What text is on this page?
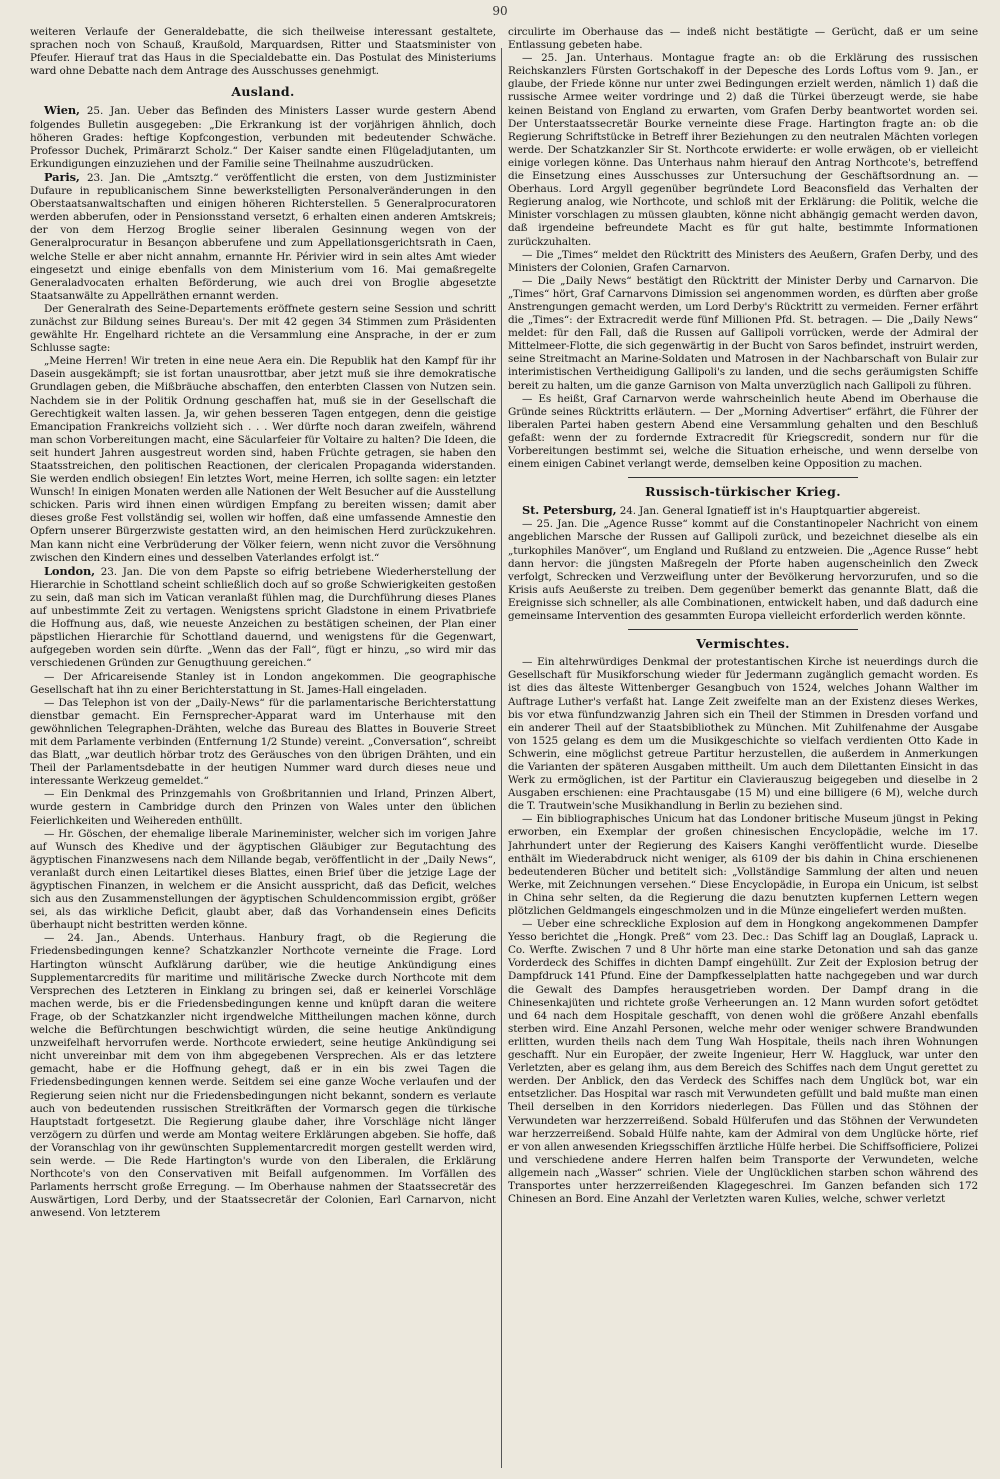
90

weiteren Verlaufe der Generaldebatte, die sich theilweise interessant gestaltete, sprachen noch von Schauß, Kraußold, Marquardsen, Ritter und Staatsminister von Pfeufer. Hierauf trat das Haus in die Specialdebatte ein. Das Postulat des Ministeriums ward ohne Debatte nach dem Antrage des Ausschusses genehmigt.

Ausland.

Wien, 25. Jan. Ueber das Befinden des Ministers Lasser wurde gestern Abend folgendes Bulletin ausgegeben: „Die Erkrankung ist der vorjährigen ähnlich, doch höheren Grades: heftige Kopfcongestion, verbunden mit bedeutender Schwäche. Professor Duchek, Primärarzt Scholz.“ Der Kaiser sandte einen Flügeladjutanten, um Erkundigungen einzuziehen und der Familie seine Theilnahme auszudrücken.

Paris, 23. Jan. Die „Amtsztg.“ veröffentlicht die ersten, von dem Justizminister Dufaure in republicanischem Sinne bewerkstelligten Personalveränderungen in den Oberstaatsanwaltschaften und einigen höheren Richterstellen. 5 Generalprocuratoren werden abberufen, oder in Pensionsstand versetzt, 6 erhalten einen anderen Amtskreis; der von dem Herzog Broglie seiner liberalen Gesinnung wegen von der Generalprocuratur in Besançon abberufene und zum Appellationsgerichtsrath in Caen, welche Stelle er aber nicht annahm, ernannte Hr. Périvier wird in sein altes Amt wieder eingesetzt und einige ebenfalls von dem Ministerium vom 16. Mai gemaßregelte Generaladvocaten erhalten Beförderung, wie auch drei von Broglie abgesetzte Staatsanwälte zu Appellräthen ernannt werden.

Der Generalrath des Seine-Departements eröffnete gestern seine Session und schritt zunächst zur Bildung seines Bureau's. Der mit 42 gegen 34 Stimmen zum Präsidenten gewählte Hr. Engelhard richtete an die Versammlung eine Ansprache, in der er zum Schlusse sagte:

„Meine Herren! Wir treten in eine neue Aera ein. Die Republik hat den Kampf für ihr Dasein ausgekämpft; sie ist fortan unausrottbar, aber jetzt muß sie ihre demokratische Grundlagen geben, die Mißbräuche abschaffen, den enterbten Classen von Nutzen sein. Nachdem sie in der Politik Ordnung geschaffen hat, muß sie in der Gesellschaft die Gerechtigkeit walten lassen. Ja, wir gehen besseren Tagen entgegen, denn die geistige Emancipation Frankreichs vollzieht sich . . . Wer dürfte noch daran zweifeln, während man schon Vorbereitungen macht, eine Säcularfeier für Voltaire zu halten? Die Ideen, die seit hundert Jahren ausgestreut worden sind, haben Früchte getragen, sie haben den Staatsstreichen, den politischen Reactionen, der clericalen Propaganda widerstanden. Sie werden endlich obsiegen! Ein letztes Wort, meine Herren, ich sollte sagen: ein letzter Wunsch! In einigen Monaten werden alle Nationen der Welt Besucher auf die Ausstellung schicken. Paris wird ihnen einen würdigen Empfang zu bereiten wissen; damit aber dieses große Fest vollständig sei, wollen wir hoffen, daß eine umfassende Amnestie den Opfern unserer Bürgerzwiste gestatten wird, an den heimischen Herd zurückzukehren. Man kann nicht eine Verbrüderung der Völker feiern, wenn nicht zuvor die Versöhnung zwischen den Kindern eines und desselben Vaterlandes erfolgt ist.“

London, 23. Jan. Die von dem Papste so eifrig betriebene Wiederherstellung der Hierarchie in Schottland scheint schließlich doch auf so große Schwierigkeiten gestoßen zu sein, daß man sich im Vatican veranlaßt fühlen mag, die Durchführung dieses Planes auf unbestimmte Zeit zu vertagen. Wenigstens spricht Gladstone in einem Privatbriefe die Hoffnung aus, daß, wie neueste Anzeichen zu bestätigen scheinen, der Plan einer päpstlichen Hierarchie für Schottland dauernd, und wenigstens für die Gegenwart, aufgegeben worden sein dürfte. „Wenn das der Fall“, fügt er hinzu, „so wird mir das verschiedenen Gründen zur Genugthuung gereichen.“

— Der Africareisende Stanley ist in London angekommen. Die geographische Gesellschaft hat ihn zu einer Berichterstattung in St. James-Hall eingeladen.

— Das Telephon ist von der „Daily-News“ für die parlamentarische Berichterstattung dienstbar gemacht. Ein Fernsprecher-Apparat ward im Unterhause mit den gewöhnlichen Telegraphen-Drähten, welche das Bureau des Blattes in Bouverie Street mit dem Parlamente verbinden (Entfernung 1/2 Stunde) vereint. „Conversation“, schreibt das Blatt, „war deutlich hörbar trotz des Geräusches von den übrigen Drähten, und ein Theil der Parlamentsdebatte in der heutigen Nummer ward durch dieses neue und interessante Werkzeug gemeldet.“

— Ein Denkmal des Prinzgemahls von Großbritannien und Irland, Prinzen Albert, wurde gestern in Cambridge durch den Prinzen von Wales unter den üblichen Feierlichkeiten und Weihereden enthüllt.

— Hr. Göschen, der ehemalige liberale Marineminister, welcher sich im vorigen Jahre auf Wunsch des Khedive und der ägyptischen Gläubiger zur Begutachtung des ägyptischen Finanzwesens nach dem Nillande begab, veröffentlicht in der „Daily News“, veranlaßt durch einen Leitartikel dieses Blattes, einen Brief über die jetzige Lage der ägyptischen Finanzen, in welchem er die Ansicht ausspricht, daß das Deficit, welches sich aus den Zusammenstellungen der ägyptischen Schuldencommission ergibt, größer sei, als das wirkliche Deficit, glaubt aber, daß das Vorhandensein eines Deficits überhaupt nicht bestritten werden könne.

— 24. Jan., Abends. Unterhaus. Hanbury fragt, ob die Regierung die Friedensbedingungen kenne? Schatzkanzler Northcote verneinte die Frage. Lord Hartington wünscht Aufklärung darüber, wie die heutige Ankündigung eines Supplementarcredits für maritime und militärische Zwecke durch Northcote mit dem Versprechen des Letzteren in Einklang zu bringen sei, daß er keinerlei Vorschläge machen werde, bis er die Friedensbedingungen kenne und knüpft daran die weitere Frage, ob der Schatzkanzler nicht irgendwelche Mittheilungen machen könne, durch welche die Befürchtungen beschwichtigt würden, die seine heutige Ankündigung unzweifelhaft hervorrufen werde. Northcote erwiedert, seine heutige Ankündigung sei nicht unvereinbar mit dem von ihm abgegebenen Versprechen. Als er das letztere gemacht, habe er die Hoffnung gehegt, daß er in ein bis zwei Tagen die Friedensbedingungen kennen werde. Seitdem sei eine ganze Woche verlaufen und der Regierung seien nicht nur die Friedensbedingungen nicht bekannt, sondern es verlaute auch von bedeutenden russischen Streitkräften der Vormarsch gegen die türkische Hauptstadt fortgesetzt. Die Regierung glaube daher, ihre Vorschläge nicht länger verzögern zu dürfen und werde am Montag weitere Erklärungen abgeben. Sie hoffe, daß der Voranschlag von ihr gewünschten Supplementarcredit morgen gestellt werden wird, sein werde. — Die Rede Hartington's wurde von den Liberalen, die Erklärung Northcote's von den Conservativen mit Beifall aufgenommen. Im Vorfällen des Parlaments herrscht große Erregung. — Im Oberhause nahmen der Staatssecretär des Auswärtigen, Lord Derby, und der Staatssecretär der Colonien, Earl Carnarvon, nicht anwesend. Von letzterem

circulirte im Oberhause das — indeß nicht bestätigte — Gerücht, daß er um seine Entlassung gebeten habe.

— 25. Jan. Unterhaus. Montague fragte an: ob die Erklärung des russischen Reichskanzlers Fürsten Gortschakoff in der Depesche des Lords Loftus vom 9. Jan., er glaube, der Friede könne nur unter zwei Bedingungen erzielt werden, nämlich 1) daß die russische Armee weiter vordringe und 2) daß die Türkei überzeugt werde, sie habe keinen Beistand von England zu erwarten, vom Grafen Derby beantwortet worden sei. Der Unterstaatssecretär Bourke verneinte diese Frage. Hartington fragte an: ob die Regierung Schriftstücke in Betreff ihrer Beziehungen zu den neutralen Mächten vorlegen werde. Der Schatzkanzler Sir St. Northcote erwiderte: er wolle erwägen, ob er vielleicht einige vorlegen könne. Das Unterhaus nahm hierauf den Antrag Northcote's, betreffend die Einsetzung eines Ausschusses zur Untersuchung der Geschäftsordnung an. — Oberhaus. Lord Argyll gegenüber begründete Lord Beaconsfield das Verhalten der Regierung analog, wie Northcote, und schloß mit der Erklärung: die Politik, welche die Minister vorschlagen zu müssen glaubten, könne nicht abhängig gemacht werden davon, daß irgendeine befreundete Macht es für gut halte, bestimmte Informationen zurückzuhalten.

— Die „Times“ meldet den Rücktritt des Ministers des Aeußern, Grafen Derby, und des Ministers der Colonien, Grafen Carnarvon.

— Die „Daily News“ bestätigt den Rücktritt der Minister Derby und Carnarvon. Die „Times“ hört, Graf Carnarvons Dimission sei angenommen worden, es dürften aber große Anstrengungen gemacht werden, um Lord Derby's Rücktritt zu vermeiden. Ferner erfährt die „Times“: der Extracredit werde fünf Millionen Pfd. St. betragen. — Die „Daily News“ meldet: für den Fall, daß die Russen auf Gallipoli vorrücken, werde der Admiral der Mittelmeer-Flotte, die sich gegenwärtig in der Bucht von Saros befindet, instruirt werden, seine Streitmacht an Marine-Soldaten und Matrosen in der Nachbarschaft von Bulair zur interimistischen Vertheidigung Gallipoli's zu landen, und die sechs geräumigsten Schiffe bereit zu halten, um die ganze Garnison von Malta unverzüglich nach Gallipoli zu führen.

— Es heißt, Graf Carnarvon werde wahrscheinlich heute Abend im Oberhause die Gründe seines Rücktritts erläutern. — Der „Morning Advertiser“ erfährt, die Führer der liberalen Partei haben gestern Abend eine Versammlung gehalten und den Beschluß gefaßt: wenn der zu fordernde Extracredit für Kriegscredit, sondern nur für die Vorbereitungen bestimmt sei, welche die Situation erheische, und wenn derselbe von einem einigen Cabinet verlangt werde, demselben keine Opposition zu machen.

Russisch-türkischer Krieg.

St. Petersburg, 24. Jan. General Ignatieff ist in's Hauptquartier abgereist.

— 25. Jan. Die „Agence Russe“ kommt auf die Constantinopeler Nachricht von einem angeblichen Marsche der Russen auf Gallipoli zurück, und bezeichnet dieselbe als ein „turkophiles Manöver“, um England und Rußland zu entzweien. Die „Agence Russe“ hebt dann hervor: die jüngsten Maßregeln der Pforte haben augenscheinlich den Zweck verfolgt, Schrecken und Verzweiflung unter der Bevölkerung hervorzurufen, und so die Krisis aufs Aeußerste zu treiben. Dem gegenüber bemerkt das genannte Blatt, daß die Ereignisse sich schneller, als alle Combinationen, entwickelt haben, und daß dadurch eine gemeinsame Intervention des gesammten Europa vielleicht erforderlich werden könnte.

Vermischtes.

— Ein altehrwürdiges Denkmal der protestantischen Kirche ist neuerdings durch die Gesellschaft für Musikforschung wieder für Jedermann zugänglich gemacht worden. Es ist dies das älteste Wittenberger Gesangbuch von 1524, welches Johann Walther im Auftrage Luther's verfaßt hat. Lange Zeit zweifelte man an der Existenz dieses Werkes, bis vor etwa fünfundzwanzig Jahren sich ein Theil der Stimmen in Dresden vorfand und ein anderer Theil auf der Staatsbibliothek zu München. Mit Zuhilfenahme der Ausgabe von 1525 gelang es dem um die Musikgeschichte so vielfach verdienten Otto Kade in Schwerin, eine möglichst getreue Partitur herzustellen, die außerdem in Anmerkungen die Varianten der späteren Ausgaben mittheilt. Um auch dem Dilettanten Einsicht in das Werk zu ermöglichen, ist der Partitur ein Clavierauszug beigegeben und dieselbe in 2 Ausgaben erschienen: eine Prachtausgabe (15 M) und eine billigere (6 M), welche durch die T. Trautwein'sche Musikhandlung in Berlin zu beziehen sind.

— Ein bibliographisches Unicum hat das Londoner britische Museum jüngst in Peking erworben, ein Exemplar der großen chinesischen Encyclopädie, welche im 17. Jahrhundert unter der Regierung des Kaisers Kanghi veröffentlicht wurde. Dieselbe enthält im Wiederabdruck nicht weniger, als 6109 der bis dahin in China erschienenen bedeutenderen Bücher und betitelt sich: „Vollständige Sammlung der alten und neuen Werke, mit Zeichnungen versehen.“ Diese Encyclopädie, in Europa ein Unicum, ist selbst in China sehr selten, da die Regierung die dazu benutzten kupfernen Lettern wegen plötzlichen Geldmangels eingeschmolzen und in die Münze eingeliefert werden mußten.

— Ueber eine schreckliche Explosion auf dem in Hongkong angekommenen Dampfer Yesso berichtet die „Hongk. Preß“ vom 23. Dec.: Das Schiff lag an Douglaß, Laprack u. Co. Werfte. Zwischen 7 und 8 Uhr hörte man eine starke Detonation und sah das ganze Vorderdeck des Schiffes in dichten Dampf eingehüllt. Zur Zeit der Explosion betrug der Dampfdruck 141 Pfund. Eine der Dampfkesselplatten hatte nachgegeben und war durch die Gewalt des Dampfes herausgetrieben worden. Der Dampf drang in die Chinesenkajüten und richtete große Verheerungen an. 12 Mann wurden sofort getödtet und 64 nach dem Hospitale geschafft, von denen wohl die größere Anzahl ebenfalls sterben wird. Eine Anzahl Personen, welche mehr oder weniger schwere Brandwunden erlitten, wurden theils nach dem Tung Wah Hospitale, theils nach ihren Wohnungen geschafft. Nur ein Europäer, der zweite Ingenieur, Herr W. Haggluck, war unter den Verletzten, aber es gelang ihm, aus dem Bereich des Schiffes nach dem Ungut gerettet zu werden. Der Anblick, den das Verdeck des Schiffes nach dem Unglück bot, war ein entsetzlicher. Das Hospital war rasch mit Verwundeten gefüllt und bald mußte man einen Theil derselben in den Korridors niederlegen. Das Füllen und das Stöhnen der Verwundeten war herzzerreißend. Sobald Hülferufen und das Stöhnen der Verwundeten war herzzerreißend. Sobald Hülfe nahte, kam der Admiral von dem Unglücke hörte, rief er von allen anwesenden Kriegsschiffen ärztliche Hülfe herbei. Die Schiffsofficiere, Polizei und verschiedene andere Herren halfen beim Transporte der Verwundeten, welche allgemein nach „Wasser“ schrien. Viele der Unglücklichen starben schon während des Transportes unter herzzerreißenden Klagegeschrei. Im Ganzen befanden sich 172 Chinesen an Bord. Eine Anzahl der Verletzten waren Kulies, welche, schwer verletzt
